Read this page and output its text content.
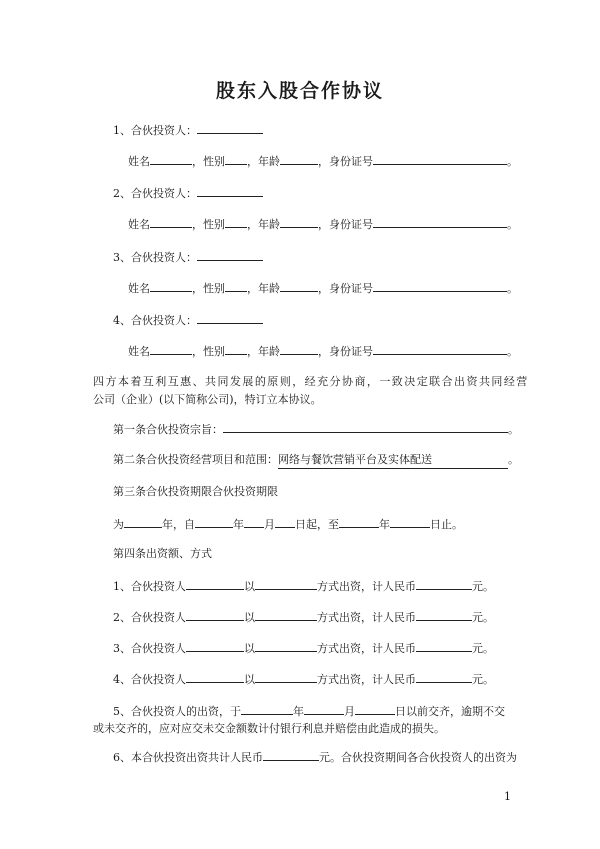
股东入股合作协议
1、合伙投资人：
姓名	，性别 ，年龄	，身份证号	。
2、合伙投资人：
姓名	，性别 ，年龄	，身份证号	。
3、合伙投资人：
姓名	，性别 ，年龄	，身份证号	。
4、合伙投资人：
姓名	，性别 ，年龄	，身份证号	。
四方本着互利互惠、共同发展的原则，经充分协商，一致决定联合出资共同经营
公司（企业）(以下简称公司)，特订立本协议。
第一条合伙投资宗旨：	。
第二条合伙投资经营项目和范围：网络与餐饮营销平台及实体配送	。
第三条合伙投资期限合伙投资期限
为	年，自	年 月 日起，至	年	日止。
第四条出资额、方式
1、合伙投资人	以	方式出资，计人民币	元。
2、合伙投资人	以	方式出资，计人民币	元。
3、合伙投资人	以	方式出资，计人民币	元。
4、合伙投资人	以	方式出资，计人民币	元。
5、合伙投资人的出资，于	年	月	日以前交齐，逾期不交
或未交齐的，应对应交未交金额数计付银行利息并赔偿由此造成的损失。
6、本合伙投资出资共计人民币	元。合伙投资期间各合伙投资人的出资为
1
